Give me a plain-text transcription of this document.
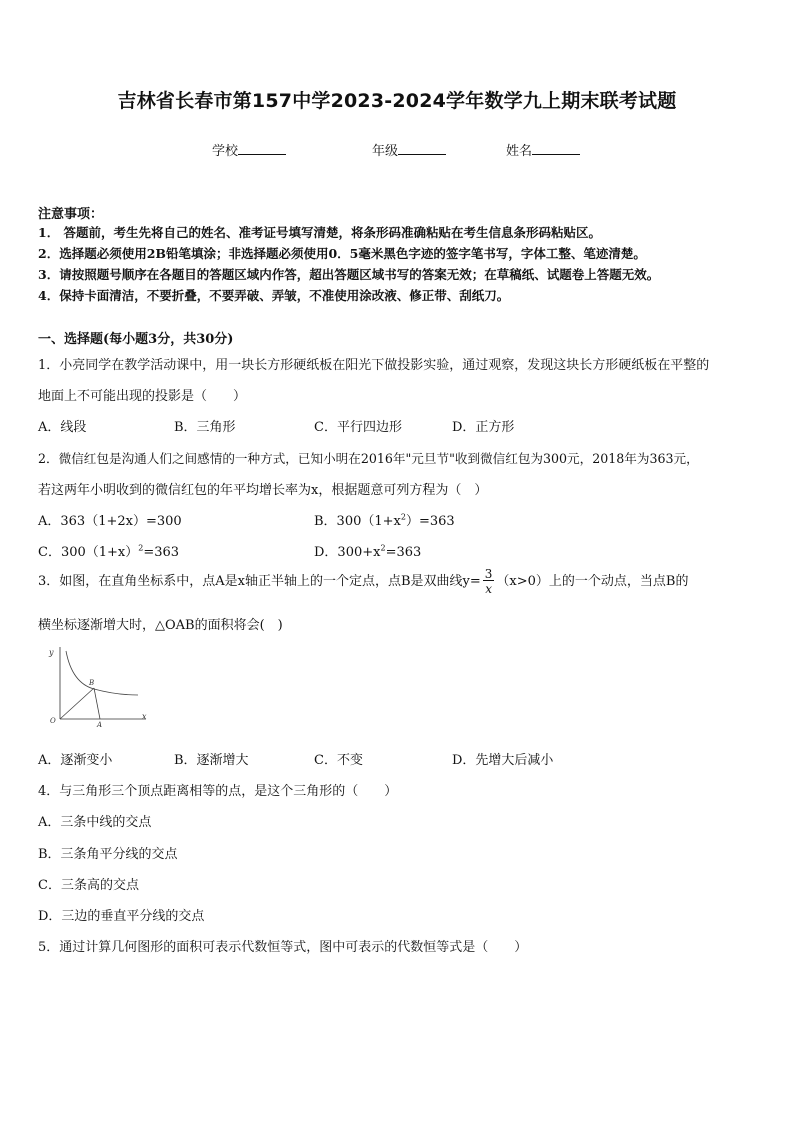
吉林省长春市第157中学2023-2024学年数学九上期末联考试题
学校	年级	姓名
注意事项：
1． 答题前，考生先将自己的姓名、准考证号填写清楚，将条形码准确粘贴在考生信息条形码粘贴区。
2．选择题必须使用2B铅笔填涂；非选择题必须使用0．5毫米黑色字迹的签字笔书写，字体工整、笔迹清楚。
3．请按照题号顺序在各题目的答题区域内作答，超出答题区域书写的答案无效；在草稿纸、试题卷上答题无效。
4．保持卡面清洁，不要折叠，不要弄破、弄皱，不准使用涂改液、修正带、刮纸刀。
一、选择题(每小题3分，共30分)
1．小亮同学在教学活动课中，用一块长方形硬纸板在阳光下做投影实验，通过观察，发现这块长方形硬纸板在平整的
地面上不可能出现的投影是（　　）
A．线段	B．三角形	C．平行四边形	D．正方形
2．微信红包是沟通人们之间感情的一种方式，已知小明在2016年"元旦节"收到微信红包为300元，2018年为363元，
若这两年小明收到的微信红包的年平均增长率为x，根据题意可列方程为（　）
A．363（1+2x）=300	B．$300(1+x^2)=363$
C．$300(1+x)^2=363$	D．$300+x^2=363$
3．如图，在直角坐标系中，点A是x轴正半轴上的一个定点，点B是双曲线$y= \frac{3}{x} (x>0)$上的一个动点，当点B的
横坐标逐渐增大时，△OAB的面积将会(　)
y
x
O	A
B
A．逐渐变小	B．逐渐增大	C．不变	D．先增大后减小
4．与三角形三个顶点距离相等的点，是这个三角形的（　　）
A．三条中线的交点
B．三条角平分线的交点
C．三条高的交点
D．三边的垂直平分线的交点
5．通过计算几何图形的面积可表示代数恒等式，图中可表示的代数恒等式是（　　）
